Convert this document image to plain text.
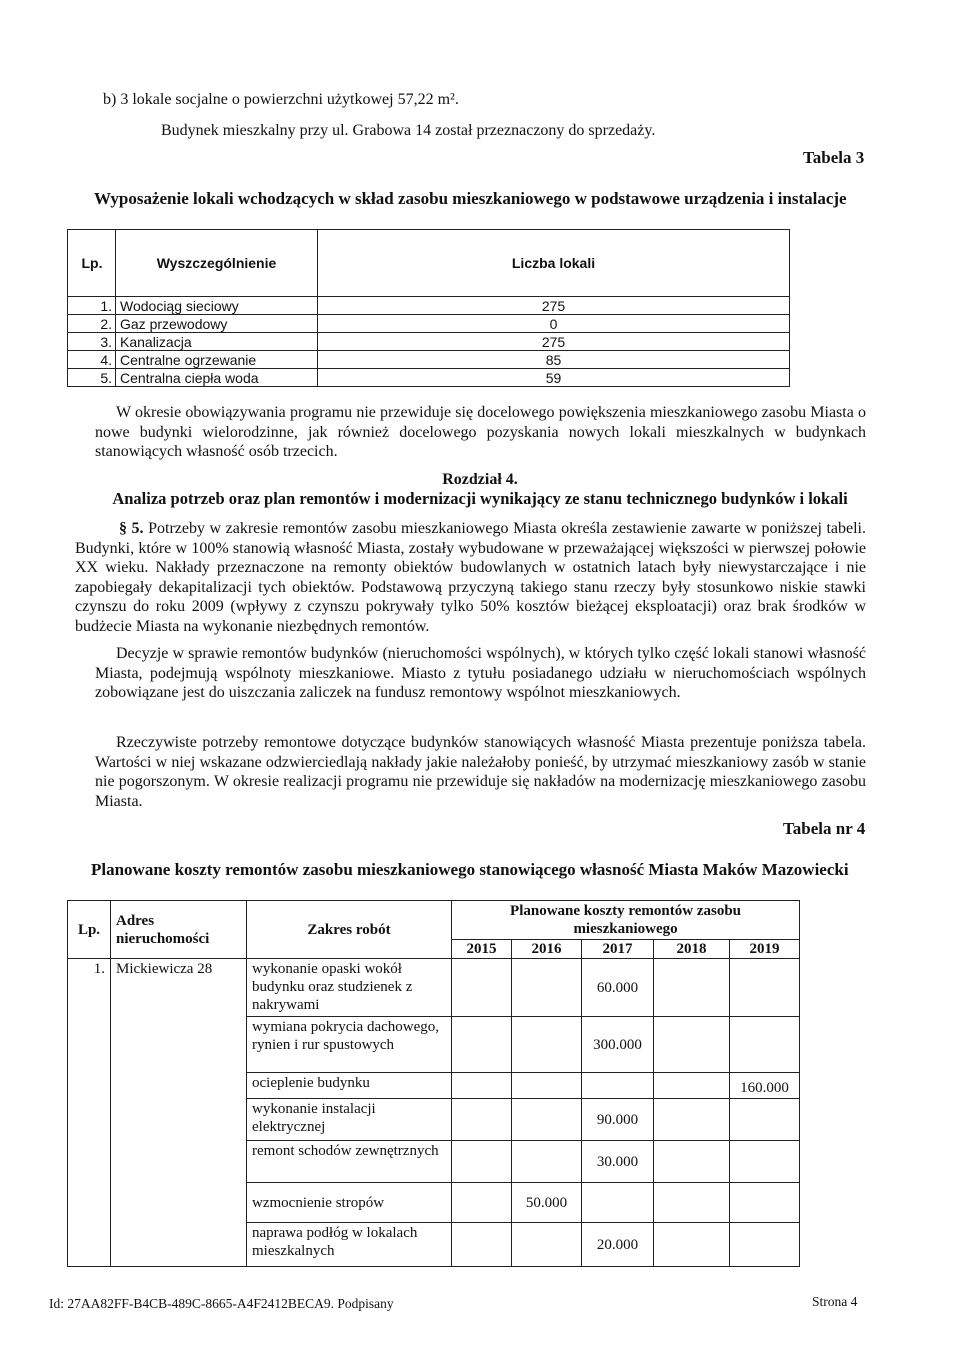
b) 3 lokale socjalne o powierzchni użytkowej 57,22 m².
Budynek mieszkalny przy ul. Grabowa 14 został przeznaczony do sprzedaży.
Tabela 3
Wyposażenie lokali wchodzących w skład zasobu mieszkaniowego w podstawowe urządzenia i instalacje
Lp.	Wyszczególnienie	Liczba lokali
1.	Wodociąg sieciowy	275
2.	Gaz przewodowy	0
3.	Kanalizacja	275
4.	Centralne ogrzewanie	85
5.	Centralna ciepła woda	59
W okresie obowiązywania programu nie przewiduje się docelowego powiększenia mieszkaniowego zasobu Miasta o nowe budynki wielorodzinne, jak również docelowego pozyskania nowych lokali mieszkalnych w budynkach stanowiących własność osób trzecich.
Rozdział 4.
Analiza potrzeb oraz plan remontów i modernizacji wynikający ze stanu technicznego budynków i lokali
§ 5. Potrzeby w zakresie remontów zasobu mieszkaniowego Miasta określa zestawienie zawarte w poniższej tabeli. Budynki, które w 100% stanowią własność Miasta, zostały wybudowane w przeważającej większości w pierwszej połowie XX wieku. Nakłady przeznaczone na remonty obiektów budowlanych w ostatnich latach były niewystarczające i nie zapobiegały dekapitalizacji tych obiektów. Podstawową przyczyną takiego stanu rzeczy były stosunkowo niskie stawki czynszu do roku 2009 (wpływy z czynszu pokrywały tylko 50% kosztów bieżącej eksploatacji) oraz brak środków w budżecie Miasta na wykonanie niezbędnych remontów.
Decyzje w sprawie remontów budynków (nieruchomości wspólnych), w których tylko część lokali stanowi własność Miasta, podejmują wspólnoty mieszkaniowe. Miasto z tytułu posiadanego udziału w nieruchomościach wspólnych zobowiązane jest do uiszczania zaliczek na fundusz remontowy wspólnot mieszkaniowych.
Rzeczywiste potrzeby remontowe dotyczące budynków stanowiących własność Miasta prezentuje poniższa tabela. Wartości w niej wskazane odzwierciedlają nakłady jakie należałoby ponieść, by utrzymać mieszkaniowy zasób w stanie nie pogorszonym. W okresie realizacji programu nie przewiduje się nakładów na modernizację mieszkaniowego zasobu Miasta.
Tabela nr 4
Planowane koszty remontów zasobu mieszkaniowego stanowiącego własność Miasta Maków Mazowiecki
Lp.	Adres nieruchomości	Zakres robót	Planowane koszty remontów zasobu mieszkaniowego				
			2015	2016	2017	2018	2019
1.	Mickiewicza 28	wykonanie opaski wokół budynku oraz studzienek z nakrywami			60.000		
		wymiana pokrycia dachowego, rynien i rur spustowych			300.000		
		ocieplenie budynku					160.000
		wykonanie instalacji elektrycznej			90.000		
		remont schodów zewnętrznych			30.000		
		wzmocnienie stropów		50.000			
		naprawa podłóg w lokalach mieszkalnych			20.000		
Id: 27AA82FF-B4CB-489C-8665-A4F2412BECA9. Podpisany	Strona 4
